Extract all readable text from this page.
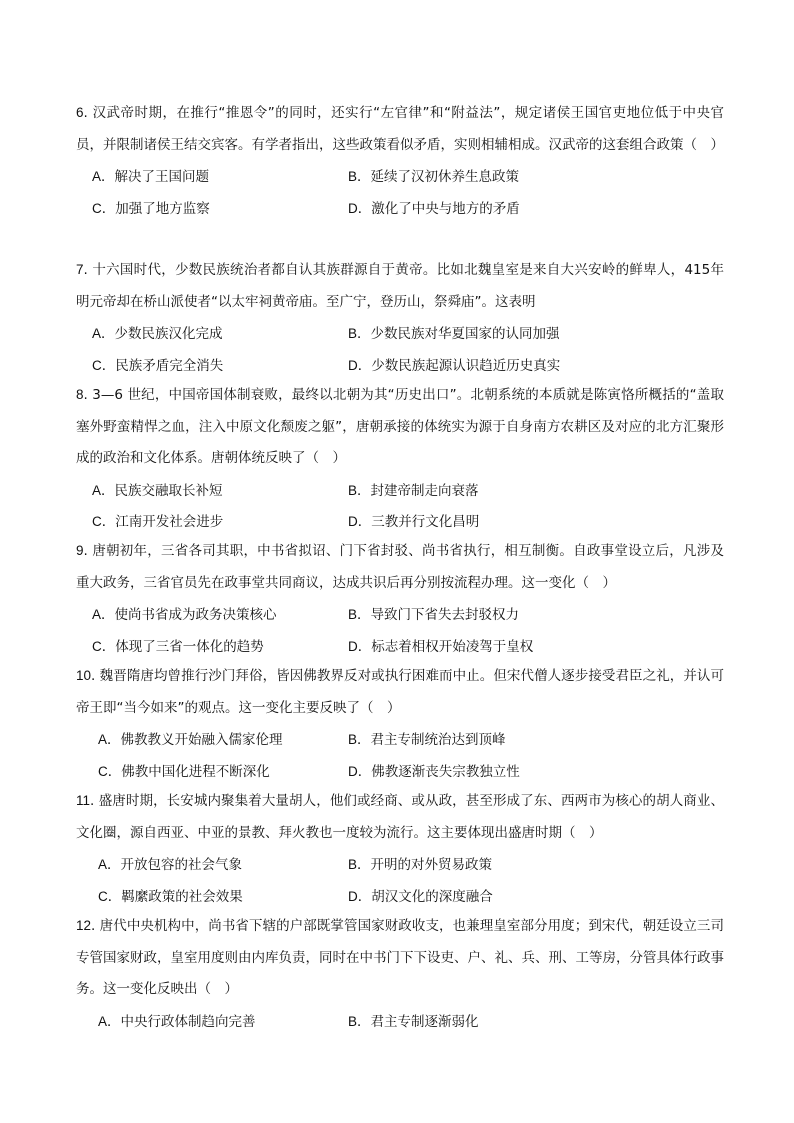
6. 汉武帝时期，在推行“推恩令”的同时，还实行“左官律”和“附益法”，规定诸侯王国官吏地位低于中央官员，并限制诸侯王结交宾客。有学者指出，这些政策看似矛盾，实则相辅相成。汉武帝的这套组合政策（　）
A．解决了王国问题	B．延续了汉初休养生息政策
C．加强了地方监察	D．激化了中央与地方的矛盾
7. 十六国时代，少数民族统治者都自认其族群源自于黄帝。比如北魏皇室是来自大兴安岭的鲜卑人，415年明元帝却在桥山派使者“以太牢祠黄帝庙。至广宁，登历山，祭舜庙”。这表明
A．少数民族汉化完成	B．少数民族对华夏国家的认同加强
C．民族矛盾完全消失	D．少数民族起源认识趋近历史真实
8. 3—6 世纪，中国帝国体制衰败，最终以北朝为其“历史出口”。北朝系统的本质就是陈寅恪所概括的“盖取塞外野蛮精悍之血，注入中原文化颓废之躯”，唐朝承接的体统实为源于自身南方农耕区及对应的北方汇聚形成的政治和文化体系。唐朝体统反映了（　）
A．民族交融取长补短	B．封建帝制走向衰落
C．江南开发社会进步	D．三教并行文化昌明
9. 唐朝初年，三省各司其职，中书省拟诏、门下省封驳、尚书省执行，相互制衡。自政事堂设立后，凡涉及重大政务，三省官员先在政事堂共同商议，达成共识后再分别按流程办理。这一变化（　）
A．使尚书省成为政务决策核心	B．导致门下省失去封驳权力
C．体现了三省一体化的趋势	D．标志着相权开始凌驾于皇权
10. 魏晋隋唐均曾推行沙门拜俗，皆因佛教界反对或执行困难而中止。但宋代僧人逐步接受君臣之礼，并认可帝王即“当今如来”的观点。这一变化主要反映了（　）
A．佛教教义开始融入儒家伦理	B．君主专制统治达到顶峰
C．佛教中国化进程不断深化	D．佛教逐渐丧失宗教独立性
11. 盛唐时期，长安城内聚集着大量胡人，他们或经商、或从政，甚至形成了东、西两市为核心的胡人商业、文化圈，源自西亚、中亚的景教、拜火教也一度较为流行。这主要体现出盛唐时期（　）
A．开放包容的社会气象	B．开明的对外贸易政策
C．羁縻政策的社会效果	D．胡汉文化的深度融合
12. 唐代中央机构中，尚书省下辖的户部既掌管国家财政收支，也兼理皇室部分用度；到宋代，朝廷设立三司专管国家财政，皇室用度则由内库负责，同时在中书门下下设吏、户、礼、兵、刑、工等房，分管具体行政事务。这一变化反映出（　）
A．中央行政体制趋向完善	B．君主专制逐渐弱化
